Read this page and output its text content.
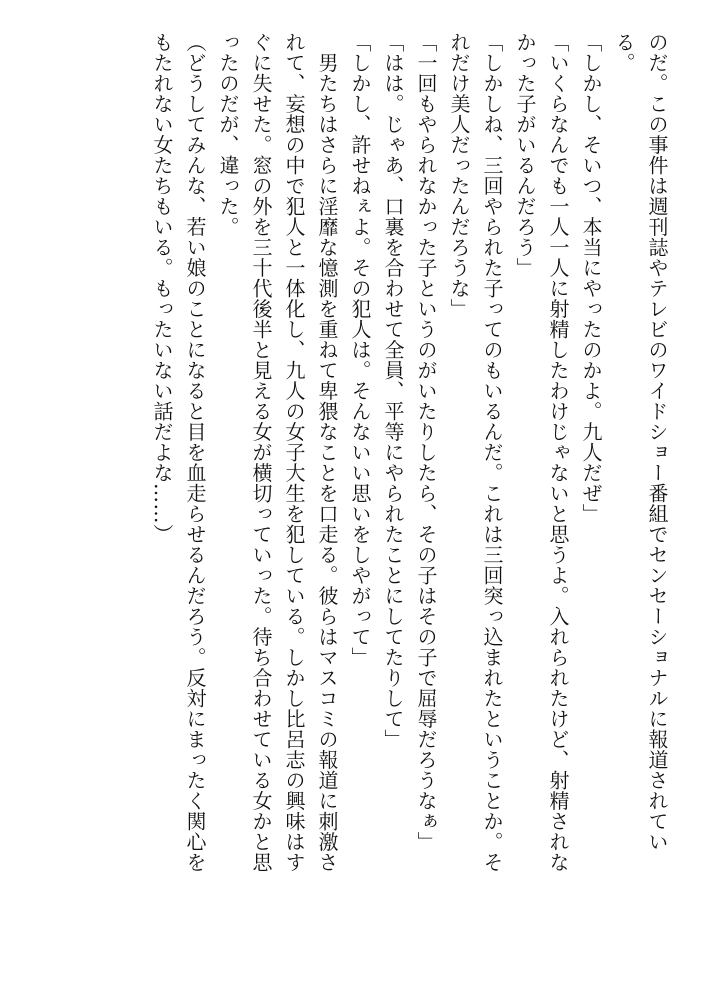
のだ。この事件は週刊誌やテレビのワイドショー番組でセンセーショナルに報道されてい

る。

「しかし、そいつ、本当にやったのかよ。九人だぜ」

「いくらなんでも一人一人に射精したわけじゃないと思うよ。入れられたけど、射精されな

かった子がいるんだろう」

「しかしね、三回やられた子ってのもいるんだ。これは三回突っ込まれたということか。そ

れだけ美人だったんだろうな」

「一回もやられなかった子というのがいたりしたら、その子はその子で屈辱だろうなぁ」

「はは。じゃあ、口裏を合わせて全員、平等にやられたことにしてたりして」

「しかし、許せねぇよ。その犯人は。そんないい思いをしやがって」

　男たちはさらに淫靡な憶測を重ねて卑猥なことを口走る。彼らはマスコミの報道に刺激さ

れて、妄想の中で犯人と一体化し、九人の女子大生を犯している。しかし比呂志の興味はす

ぐに失せた。窓の外を三十代後半と見える女が横切っていった。待ち合わせている女かと思

ったのだが、違った。

（どうしてみんな、若い娘のことになると目を血走らせるんだろう。反対にまったく関心を

もたれない女たちもいる。もったいない話だよな……）
